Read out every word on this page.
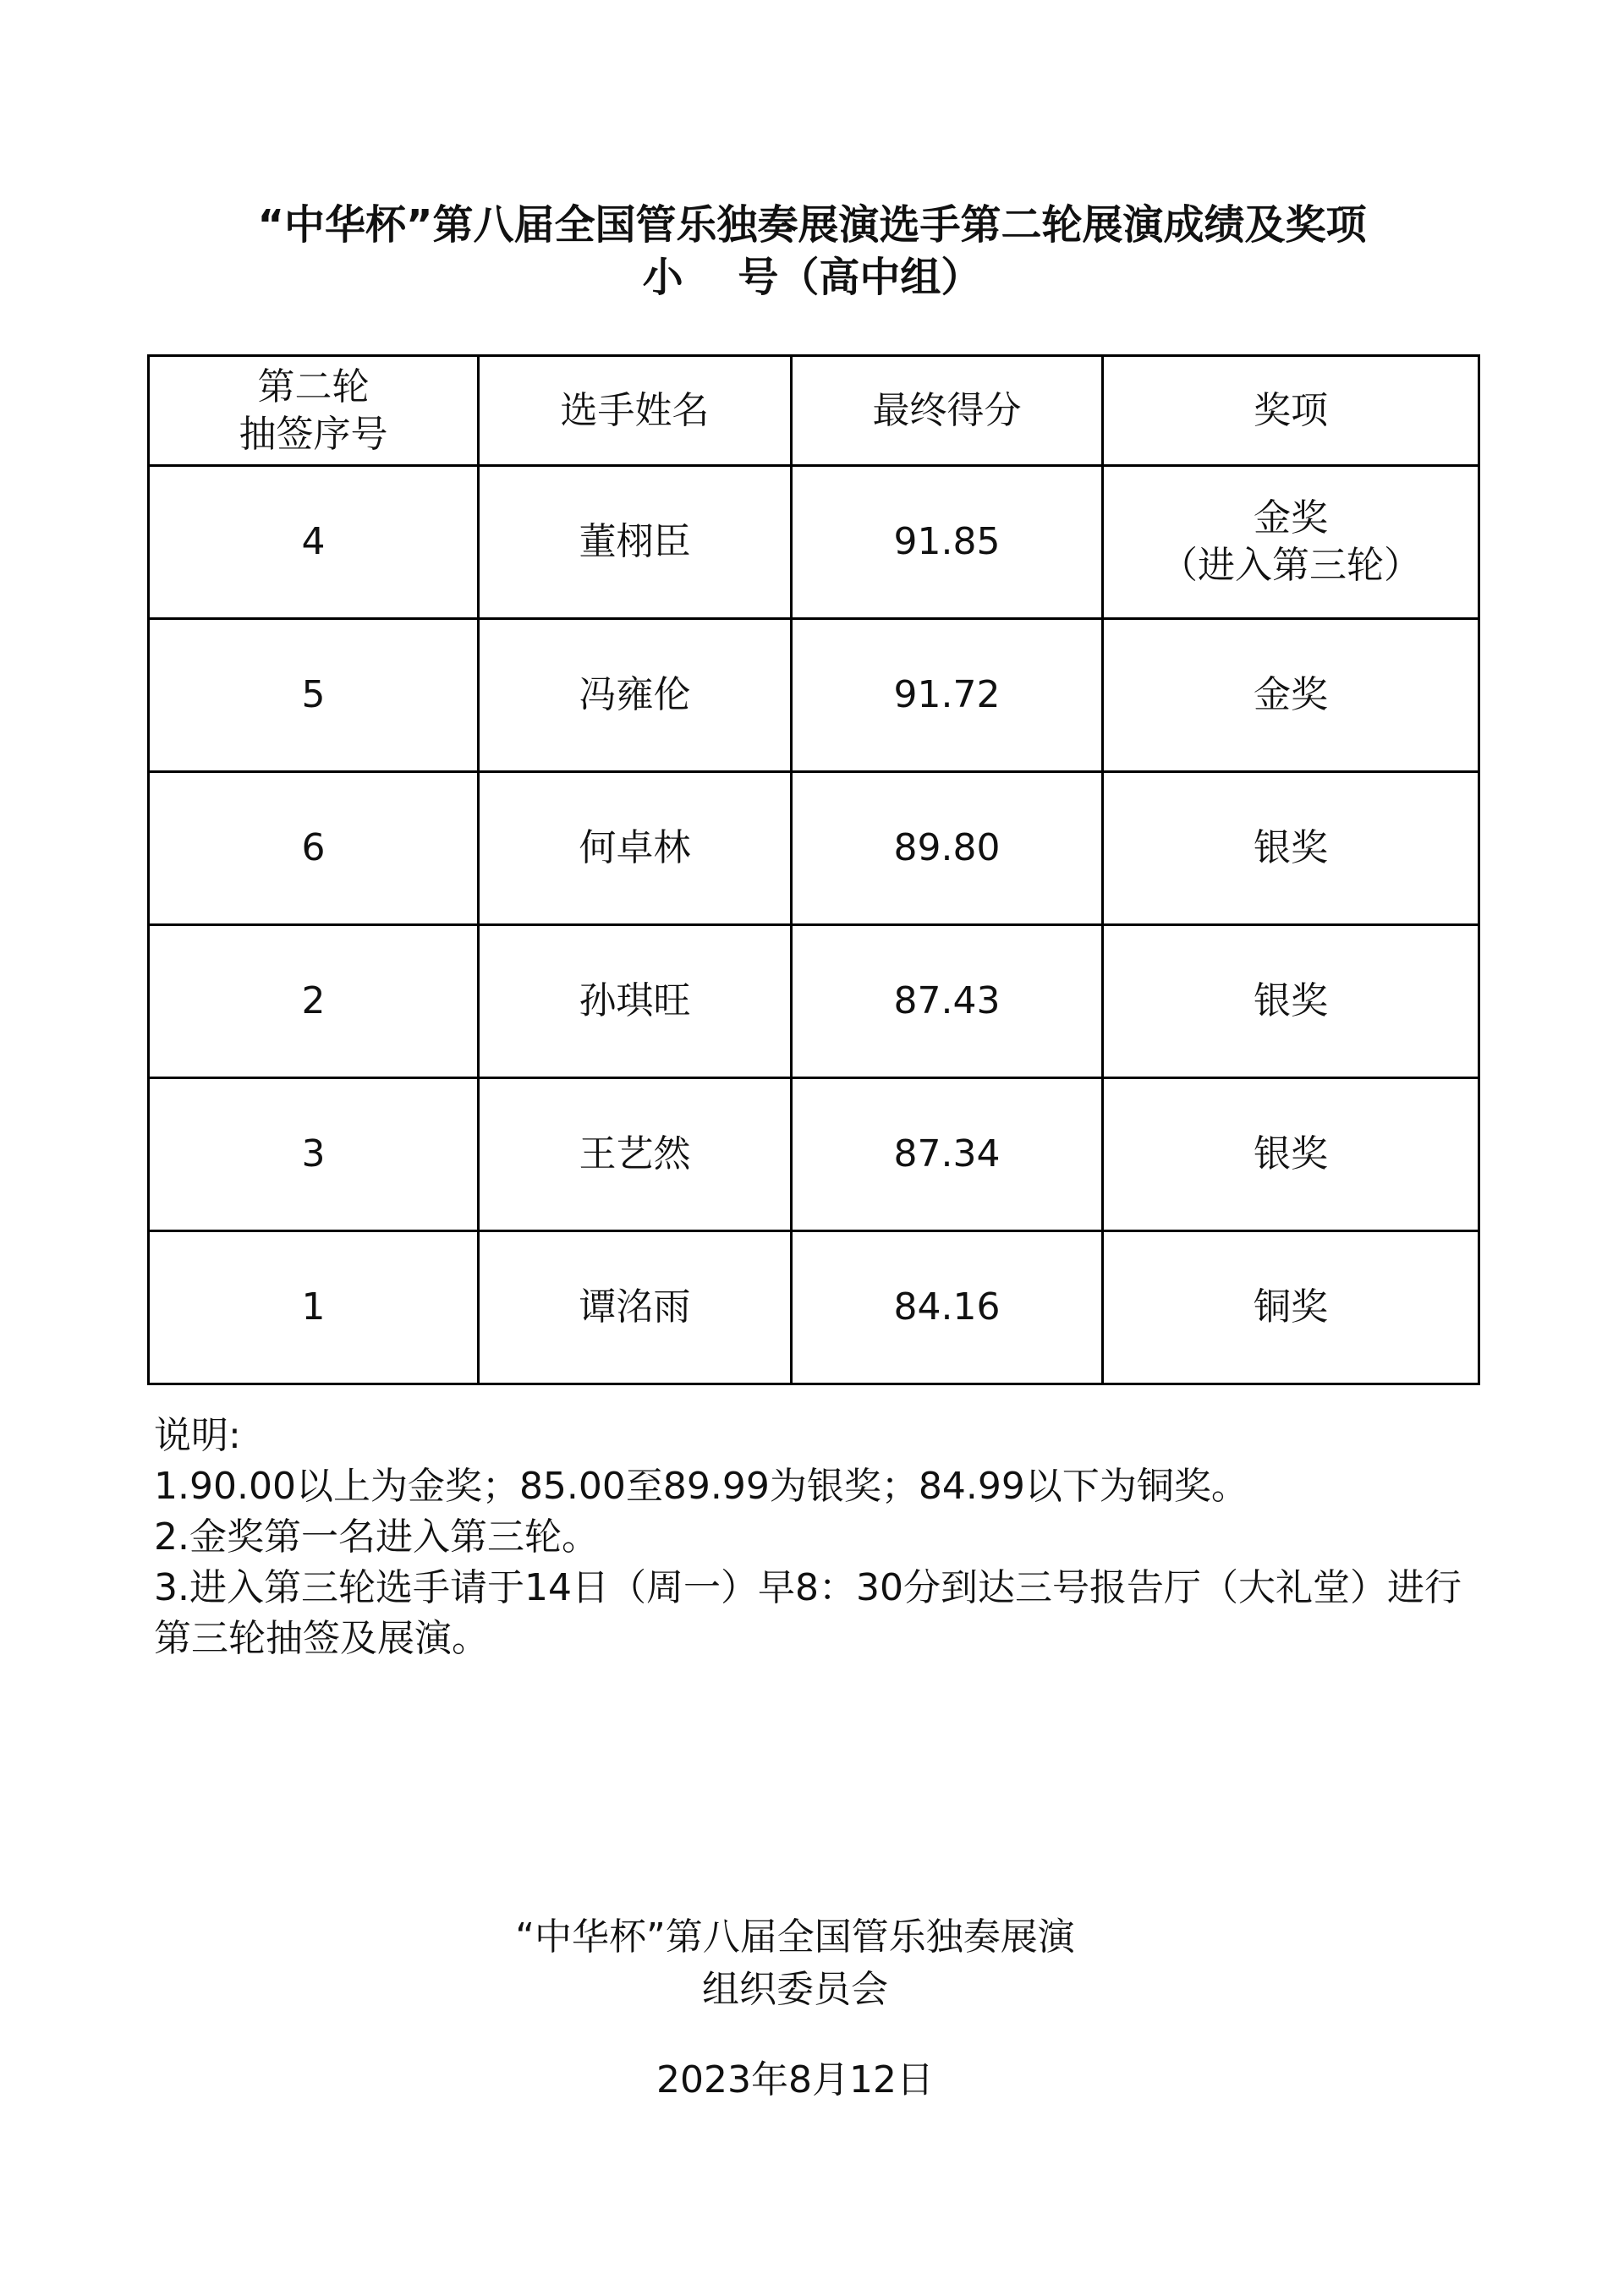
“中华杯”第八届全国管乐独奏展演选手第二轮展演成绩及奖项
小　 号（高中组）
第二轮
抽签序号	选手姓名	最终得分	奖项
4	董栩臣	91.85	金奖
（进入第三轮）
5	冯雍伦	91.72	金奖
6	何卓林	89.80	银奖
2	孙琪旺	87.43	银奖
3	王艺然	87.34	银奖
1	谭洺雨	84.16	铜奖
说明:
1.90.00以上为金奖；85.00至89.99为银奖；84.99以下为铜奖。
2.金奖第一名进入第三轮。
3.进入第三轮选手请于14日（周一）早8：30分到达三号报告厅（大礼堂）进行第三轮抽签及展演。
“中华杯”第八届全国管乐独奏展演
组织委员会
2023年8月12日
